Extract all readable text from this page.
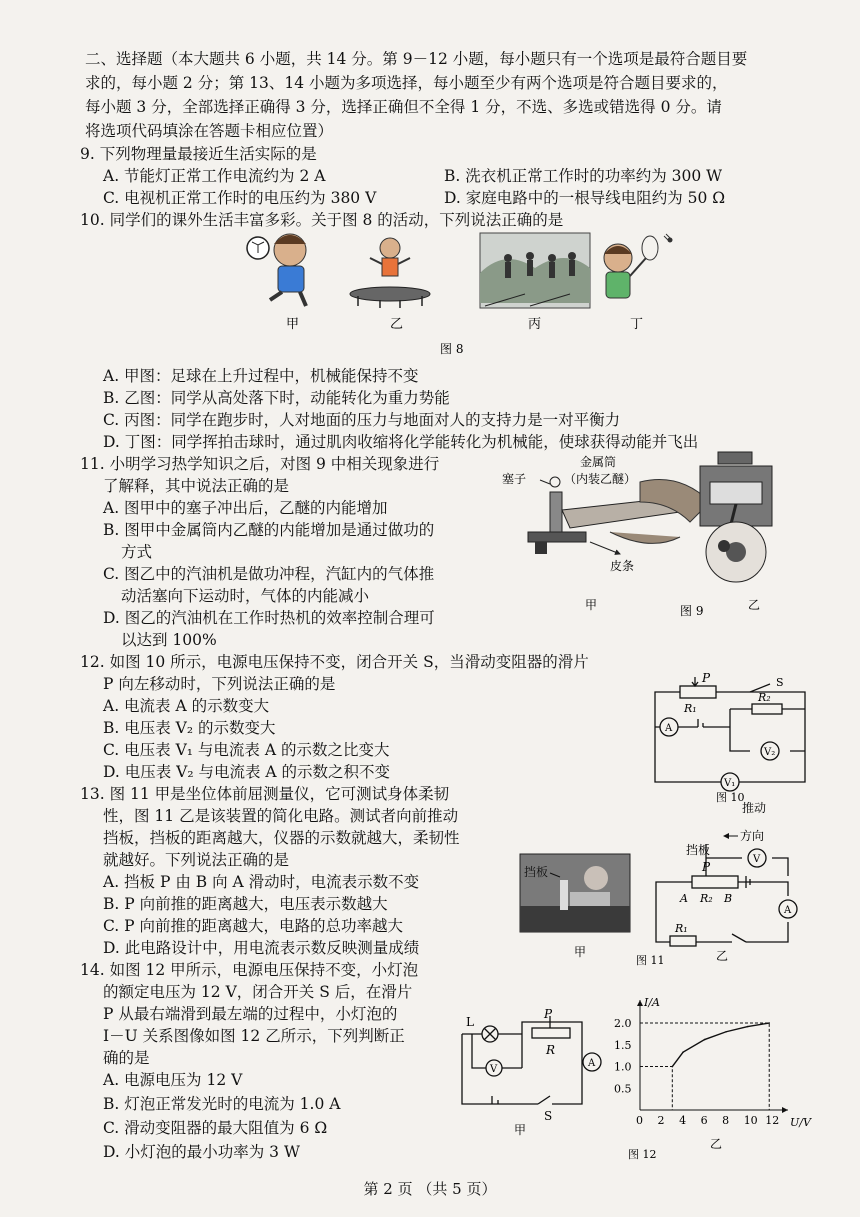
二、选择题（本大题共 6 小题，共 14 分。第 9－12 小题，每小题只有一个选项是最符合题目要
求的，每小题 2 分；第 13、14 小题为多项选择，每小题至少有两个选项是符合题目要求的，
每小题 3 分，全部选择正确得 3 分，选择正确但不全得 1 分，不选、多选或错选得 0 分。请
将选项代码填涂在答题卡相应位置）
9. 下列物理量最接近生活实际的是
A. 节能灯正常工作电流约为 2 A	B. 洗衣机正常工作时的功率约为 300 W
C. 电视机正常工作时的电压约为 380 V	D. 家庭电路中的一根导线电阻约为 50 Ω
10. 同学们的课外生活丰富多彩。关于图 8 的活动，下列说法正确的是
甲	乙	丙	丁
图 8
A. 甲图：足球在上升过程中，机械能保持不变
B. 乙图：同学从高处落下时，动能转化为重力势能
C. 丙图：同学在跑步时，人对地面的压力与地面对人的支持力是一对平衡力
D. 丁图：同学挥拍击球时，通过肌肉收缩将化学能转化为机械能，使球获得动能并飞出
11. 小明学习热学知识之后，对图 9 中相关现象进行
了解释，其中说法正确的是
A. 图甲中的塞子冲出后，乙醚的内能增加
B. 图甲中金属筒内乙醚的内能增加是通过做功的
方式
C. 图乙中的汽油机是做功冲程，汽缸内的气体推
动活塞向下运动时，气体的内能减小
D. 图乙的汽油机在工作时热机的效率控制合理可
以达到 100%
金属筒
（内装乙醚）
塞子
皮条
甲	乙
图 9
12. 如图 10 所示，电源电压保持不变，闭合开关 S，当滑动变阻器的滑片
P 向左移动时，下列说法正确的是
A. 电流表 A 的示数变大
B. 电压表 V₂ 的示数变大
C. 电压表 V₁ 与电流表 A 的示数之比变大
D. 电压表 V₂ 与电流表 A 的示数之积不变
P
R₁
R₂
S
A
V₂
V₁
图 10
13. 图 11 甲是坐位体前屈测量仪，它可测试身体柔韧
性，图 11 乙是该装置的简化电路。测试者向前推动
挡板，挡板的距离越大，仪器的示数就越大，柔韧性
就越好。下列说法正确的是
A. 挡板 P 由 B 向 A 滑动时，电流表示数不变
B. P 向前推的距离越大，电压表示数越大
C. P 向前推的距离越大，电路的总功率越大
D. 此电路设计中，用电流表示数反映测量成绩
挡板
甲
推动
方向
挡板
P
A R₂ B
R₁
V
A
乙
图 11
14. 如图 12 甲所示，电源电压保持不变，小灯泡
的额定电压为 12 V，闭合开关 S 后，在滑片
P 从最右端滑到最左端的过程中，小灯泡的
I－U 关系图像如图 12 乙所示，下列判断正
确的是
A. 电源电压为 12 V
B. 灯泡正常发光时的电流为 1.0 A
C. 滑动变阻器的最大阻值为 6 Ω
D. 小灯泡的最小功率为 3 W
L
P
R
V
A
S
甲
I/A
U/V
0 2 4 6 8 10 12
0.5
1.0
1.5
2.0
乙
图 12
第 2 页 （共 5 页）
